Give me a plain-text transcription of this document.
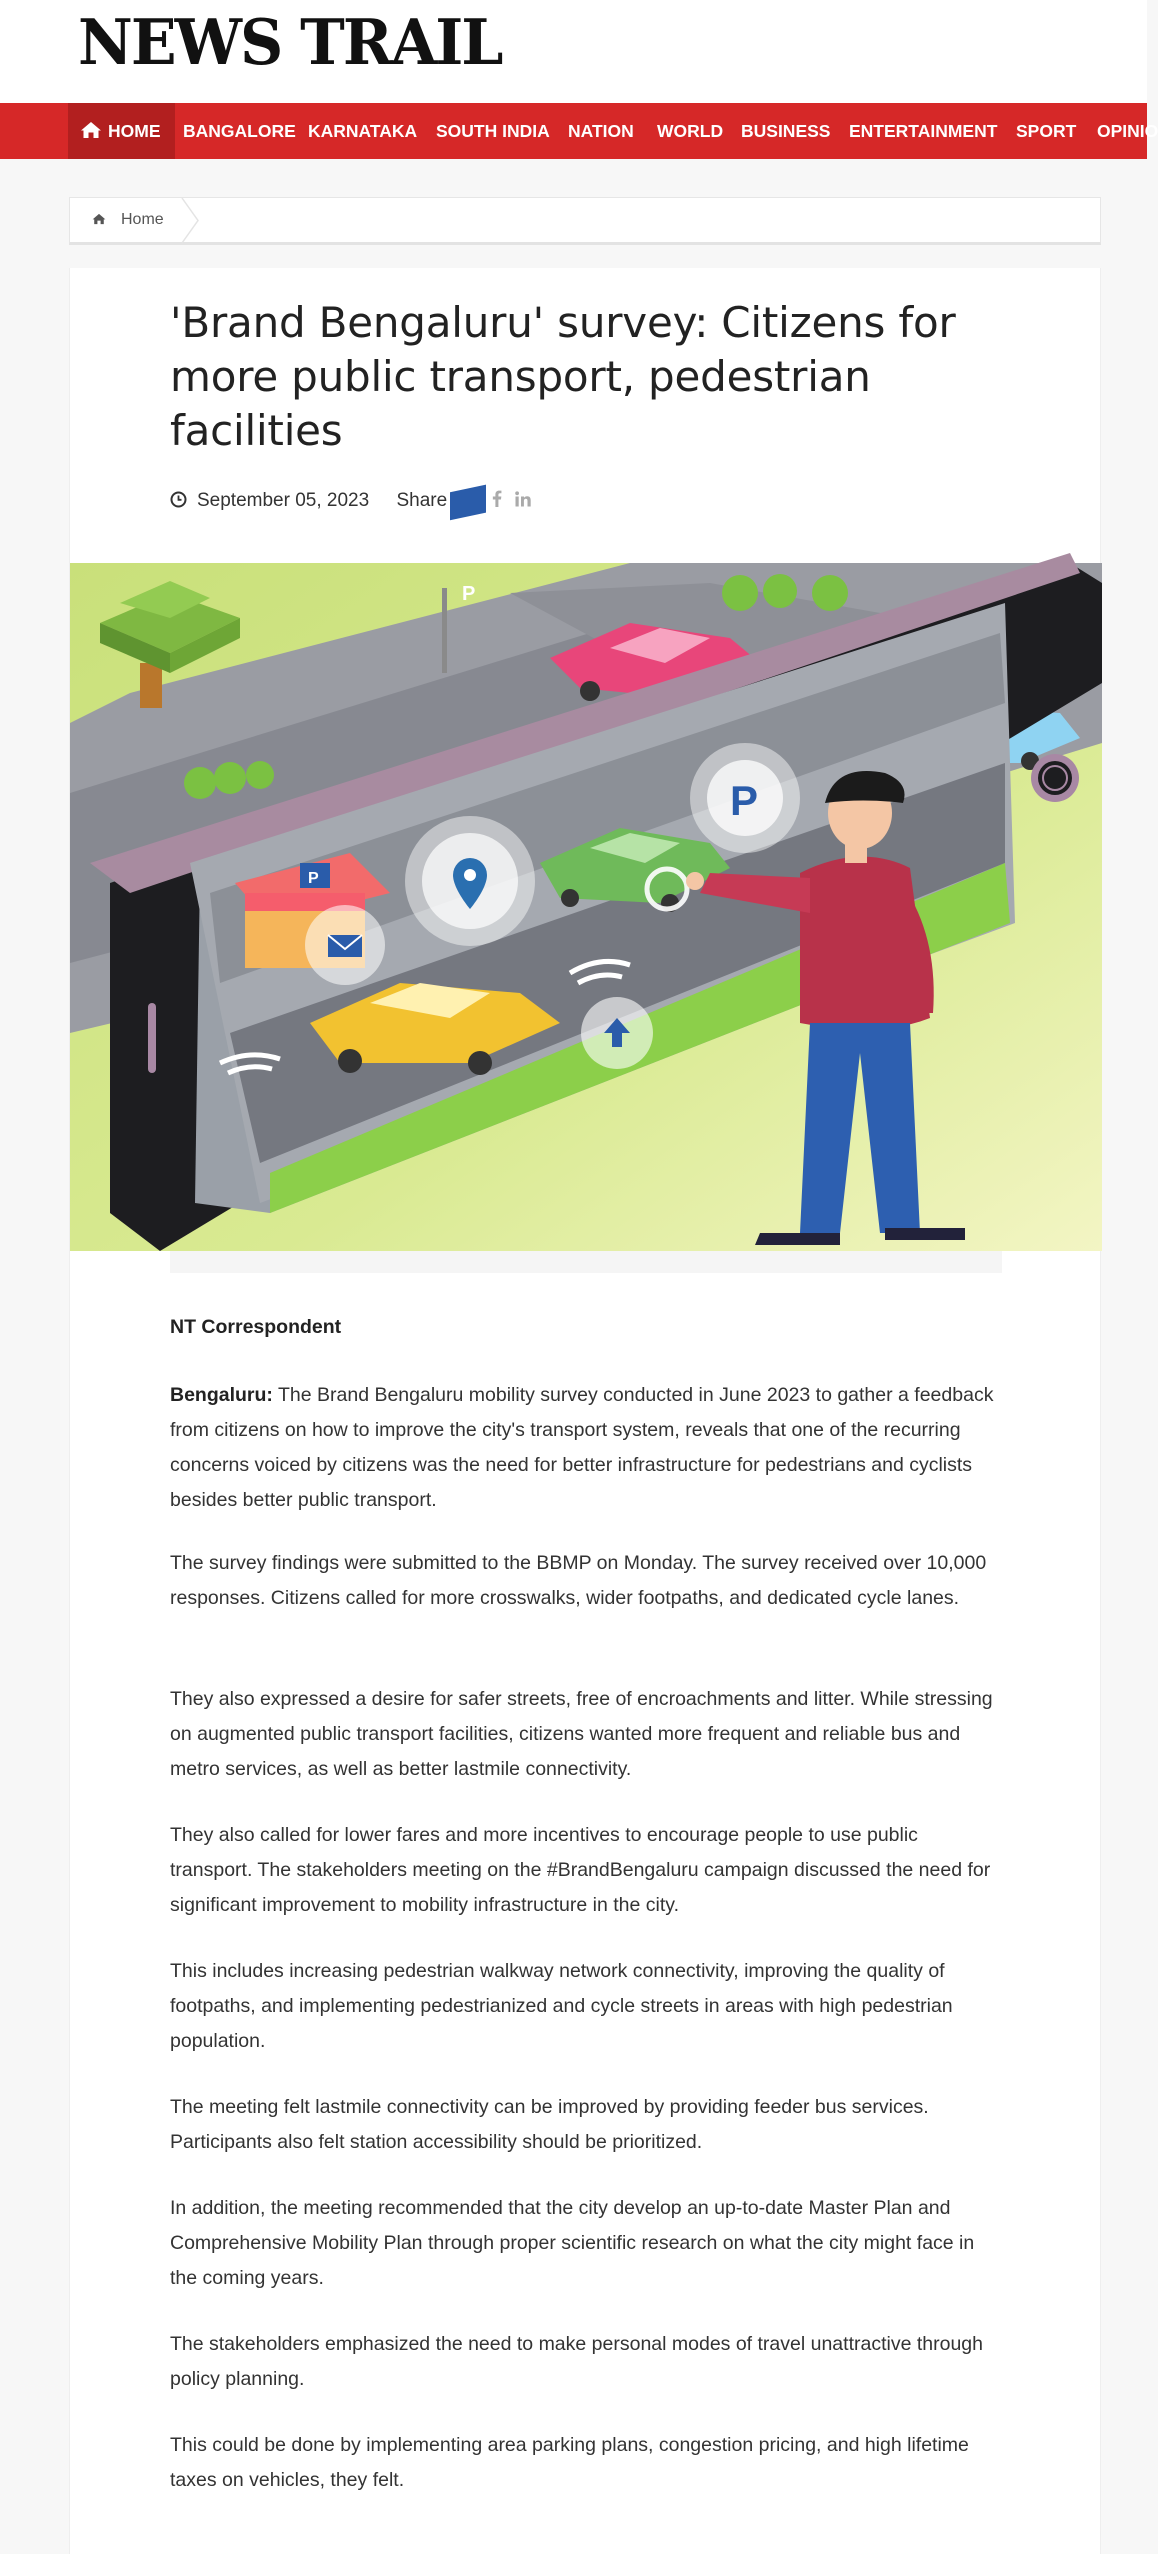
NEWS TRAIL
HOME	BANGALORE KARNATAKA SOUTH INDIA NATION WORLD BUSINESS ENTERTAINMENT SPORT OPINIO
Home
'Brand Bengaluru' survey: Citizens for more public transport, pedestrian facilities
September 05, 2023 Share
P
P
P
NT Correspondent

Bengaluru: The Brand Bengaluru mobility survey conducted in June 2023 to gather a feedback from citizens on how to improve the city's transport system, reveals that one of the recurring concerns voiced by citizens was the need for better infrastructure for pedestrians and cyclists besides better public transport.

The survey findings were submitted to the BBMP on Monday. The survey received over 10,000 responses. Citizens called for more crosswalks, wider footpaths, and dedicated cycle lanes.

They also expressed a desire for safer streets, free of encroachments and litter. While stressing on augmented public transport facilities, citizens wanted more frequent and reliable bus and metro services, as well as better lastmile connectivity.

They also called for lower fares and more incentives to encourage people to use public transport. The stakeholders meeting on the #BrandBengaluru campaign discussed the need for significant improvement to mobility infrastructure in the city.

This includes increasing pedestrian walkway network connectivity, improving the quality of footpaths, and implementing pedestrianized and cycle streets in areas with high pedestrian population.

The meeting felt lastmile connectivity can be improved by providing feeder bus services. Participants also felt station accessibility should be prioritized.

In addition, the meeting recommended that the city develop an up-to-date Master Plan and Comprehensive Mobility Plan through proper scientific research on what the city might face in the coming years.

The stakeholders emphasized the need to make personal modes of travel unattractive through policy planning.

This could be done by implementing area parking plans, congestion pricing, and high lifetime taxes on vehicles, they felt.
